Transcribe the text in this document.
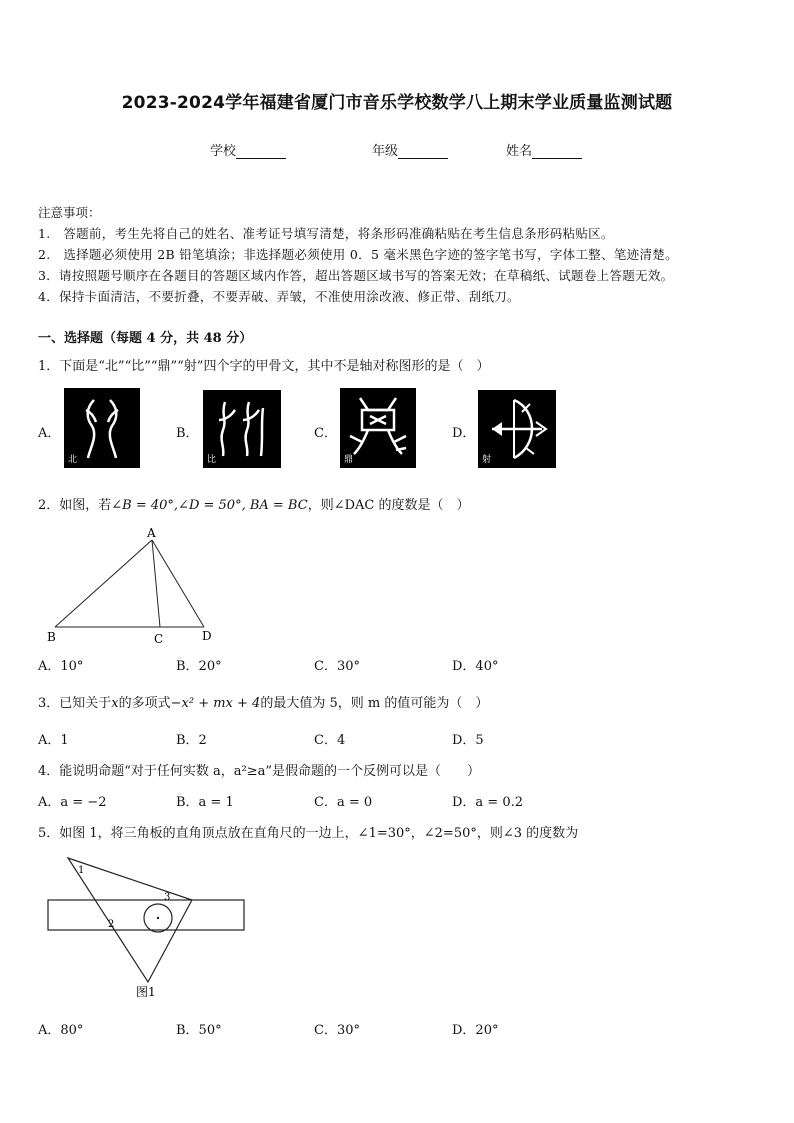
2023-2024学年福建省厦门市音乐学校数学八上期末学业质量监测试题
学校	年级	姓名
注意事项：
1.　答题前，考生先将自己的姓名、准考证号填写清楚，将条形码准确粘贴在考生信息条形码粘贴区。
2.　选择题必须使用 2B 铅笔填涂；非选择题必须使用 0．5 毫米黑色字迹的签字笔书写，字体工整、笔迹清楚。
3．请按照题号顺序在各题目的答题区域内作答，超出答题区域书写的答案无效；在草稿纸、试题卷上答题无效。
4．保持卡面清洁，不要折叠，不要弄破、弄皱，不准使用涂改液、修正带、刮纸刀。
一、选择题（每题 4 分，共 48 分）
1．下面是“北”“比”“鼎”“射”四个字的甲骨文，其中不是轴对称图形的是（　）
A．
北
B．
比
C．
鼎
D．
射
2．如图，若∠B = 40°,∠D = 50°, BA = BC，则∠DAC 的度数是（　）
A
B	C	D
A．10°	B．20°	C．30°	D．40°
3．已知关于x的多项式−x² + mx + 4的最大值为 5，则 m 的值可能为（　）
A．1	B．2	C．4	D．5
4．能说明命题“对于任何实数 a，a²≥a”是假命题的一个反例可以是（　　）
A．a = −2	B．a = 1	C．a = 0	D．a = 0.2
5．如图 1，将三角板的直角顶点放在直角尺的一边上，∠1=30°，∠2=50°，则∠3 的度数为
1
2
3
图1
A．80°	B．50°	C．30°	D．20°
